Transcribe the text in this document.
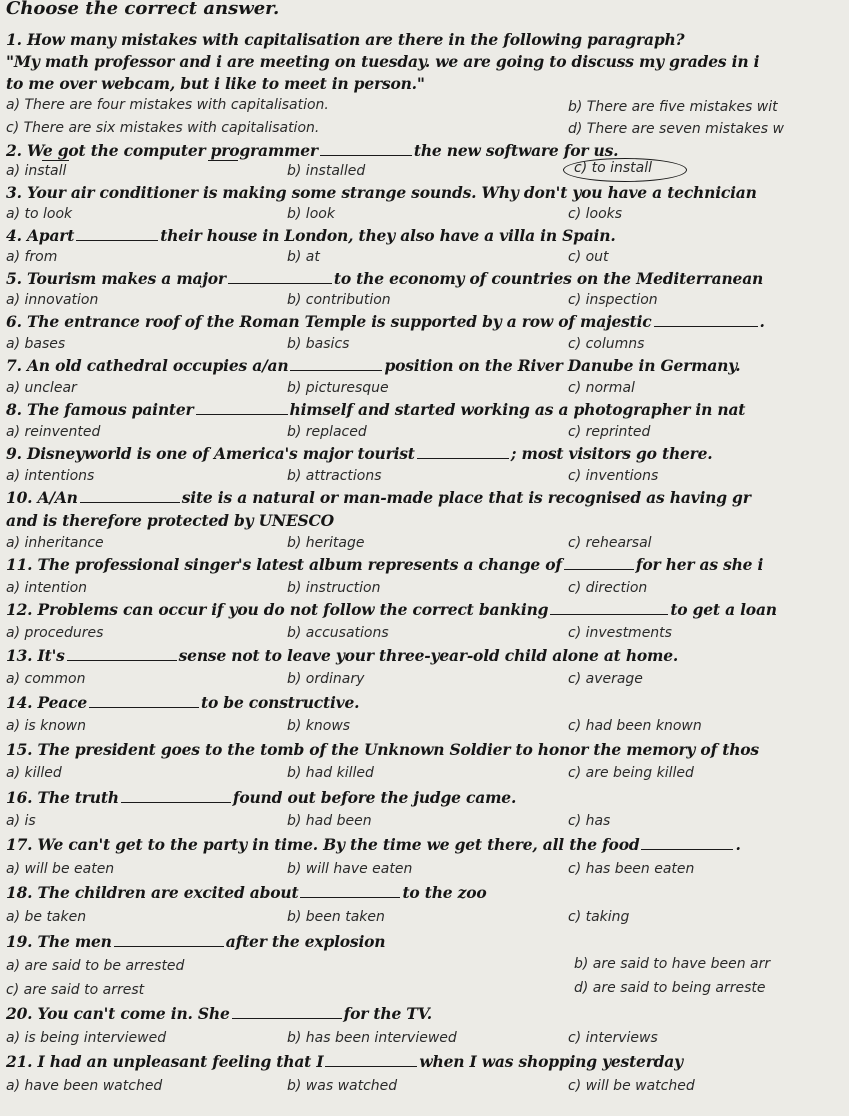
Choose the correct answer.
1. How many mistakes with capitalisation are there in the following paragraph?
"My math professor and i are meeting on tuesday. we are going to discuss my grades in i
to me over webcam, but i like to meet in person."
a) There are four mistakes with capitalisation.	b) There are five mistakes wit
c) There are six mistakes with capitalisation.	d) There are seven mistakes w
2. We got the computer programmer	the new software for us.
a) install	b) installed	c) to install
3. Your air conditioner is making some strange sounds. Why don't you have a technician
a) to look	b) look	c) looks
4. Apart	their house in London, they also have a villa in Spain.
a) from	b) at	c) out
5. Tourism makes a major	to the economy of countries on the Mediterranean
a) innovation	b) contribution	c) inspection
6. The entrance roof of the Roman Temple is supported by a row of majestic	.
a) bases	b) basics	c) columns
7. An old cathedral occupies a/an	position on the River Danube in Germany.
a) unclear	b) picturesque	c) normal
8. The famous painter	himself and started working as a photographer in nat
a) reinvented	b) replaced	c) reprinted
9. Disneyworld is one of America's major tourist	; most visitors go there.
a) intentions	b) attractions	c) inventions
10. A/An	site is a natural or man-made place that is recognised as having gr
and is therefore protected by UNESCO
a) inheritance	b) heritage	c) rehearsal
11. The professional singer's latest album represents a change of	for her as she i
a) intention	b) instruction	c) direction
12. Problems can occur if you do not follow the correct banking	to get a loan
a) procedures	b) accusations	c) investments
13. It's	sense not to leave your three-year-old child alone at home.
a) common	b) ordinary	c) average
14. Peace	to be constructive.
a) is known	b) knows	c) had been known
15. The president goes to the tomb of the Unknown Soldier to honor the memory of thos
a) killed	b) had killed	c) are being killed
16. The truth	found out before the judge came.
a) is	b) had been	c) has
17. We can't get to the party in time. By the time we get there, all the food	.
a) will be eaten	b) will have eaten	c) has been eaten
18. The children are excited about	to the zoo
a) be taken	b) been taken	c) taking
19. The men	after the explosion
a) are said to be arrested	b) are said to have been arr
c) are said to arrest	d) are said to being arreste
20. You can't come in. She	for the TV.
a) is being interviewed	b) has been interviewed	c) interviews
21. I had an unpleasant feeling that I	when I was shopping yesterday
a) have been watched	b) was watched	c) will be watched
